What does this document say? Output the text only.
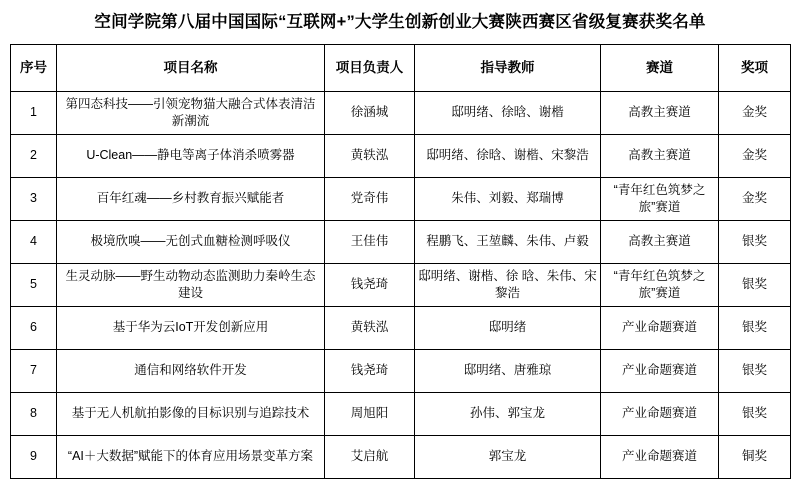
空间学院第八届中国国际“互联网+”大学生创新创业大赛陕西赛区省级复赛获奖名单
序号	项目名称	项目负责人	指导教师	赛道	奖项
1	第四态科技——引领宠物猫大融合式体表清洁新潮流	徐涵城	邸明绪、徐晗、谢楷	高教主赛道	金奖
2	U-Clean——静电等离子体消杀喷雾器	黄轶泓	邸明绪、徐晗、谢楷、宋黎浩	高教主赛道	金奖
3	百年红魂——乡村教育振兴赋能者	党奇伟	朱伟、刘毅、郑瑞博	“青年红色筑梦之旅”赛道	金奖
4	极境欣嗅——无创式血糖检测呼吸仪	王佳伟	程鹏飞、王堃麟、朱伟、卢毅	高教主赛道	银奖
5	生灵动脉——野生动物动态监测助力秦岭生态建设	钱尧琦	邸明绪、谢楷、徐 晗、朱伟、宋黎浩	“青年红色筑梦之旅”赛道	银奖
6	基于华为云IoT开发创新应用	黄轶泓	邸明绪	产业命题赛道	银奖
7	通信和网络软件开发	钱尧琦	邸明绪、唐雅琼	产业命题赛道	银奖
8	基于无人机航拍影像的目标识别与追踪技术	周旭阳	孙伟、郭宝龙	产业命题赛道	银奖
9	“AI＋大数据”赋能下的体育应用场景变革方案	艾启航	郭宝龙	产业命题赛道	铜奖
